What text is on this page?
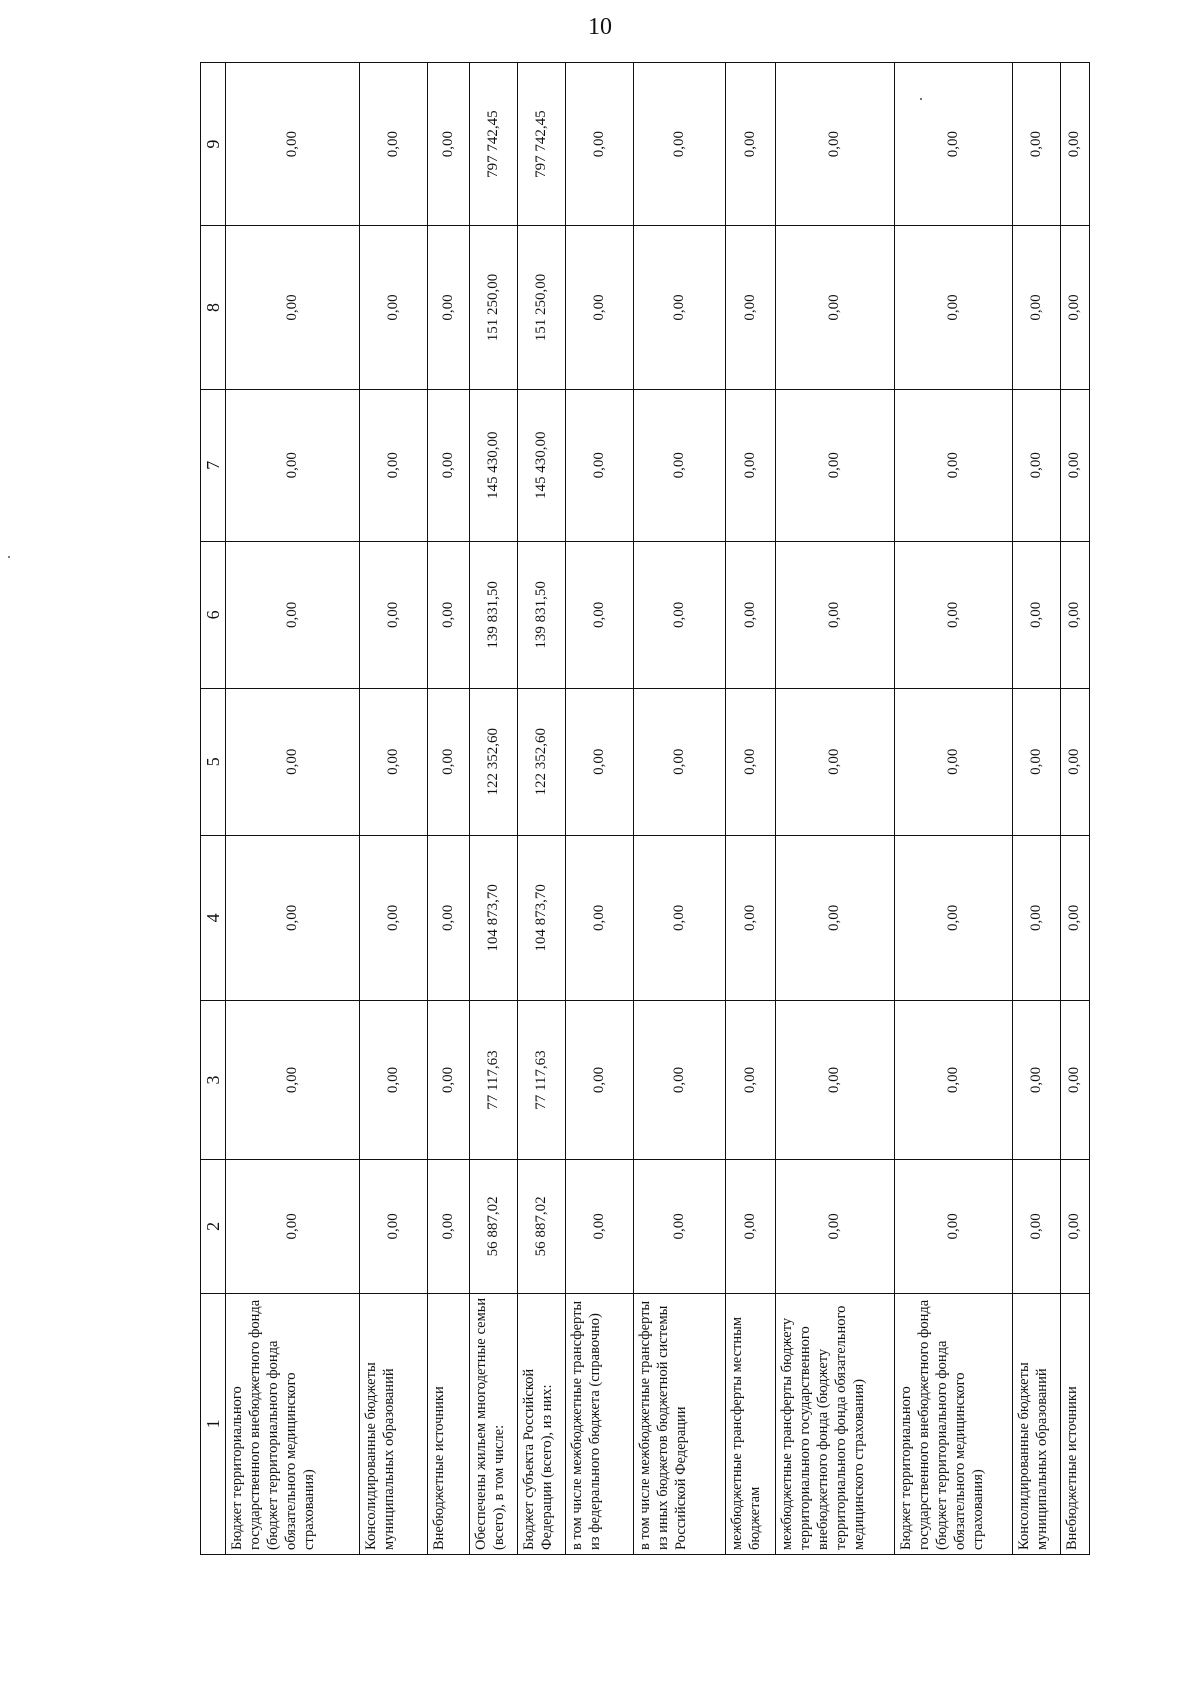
10
1	2	3	4	5	6	7	8	9
Бюджет территориального государственного внебюджетного фонда (бюджет территориального фонда обязательного медицинского страхования)	0,00	0,00	0,00	0,00	0,00	0,00	0,00	0,00
Консолидированные бюджеты муниципальных образований	0,00	0,00	0,00	0,00	0,00	0,00	0,00	0,00
Внебюджетные источники	0,00	0,00	0,00	0,00	0,00	0,00	0,00	0,00
Обеспечены жильем многодетные семьи (всего), в том числе:	56 887,02	77 117,63	104 873,70	122 352,60	139 831,50	145 430,00	151 250,00	797 742,45
Бюджет субъекта Российской Федерации (всего), из них:	56 887,02	77 117,63	104 873,70	122 352,60	139 831,50	145 430,00	151 250,00	797 742,45
в том числе межбюджетные трансферты из федерального бюджета (справочно)	0,00	0,00	0,00	0,00	0,00	0,00	0,00	0,00
в том числе межбюджетные трансферты из иных бюджетов бюджетной системы Российской Федерации	0,00	0,00	0,00	0,00	0,00	0,00	0,00	0,00
межбюджетные трансферты местным бюджетам	0,00	0,00	0,00	0,00	0,00	0,00	0,00	0,00
межбюджетные трансферты бюджету территориального государственного внебюджетного фонда (бюджету территориального фонда обязательного медицинского страхования)	0,00	0,00	0,00	0,00	0,00	0,00	0,00	0,00
Бюджет территориального государственного внебюджетного фонда (бюджет территориального фонда обязательного медицинского страхования)	0,00	0,00	0,00	0,00	0,00	0,00	0,00	0,00
Консолидированные бюджеты муниципальных образований	0,00	0,00	0,00	0,00	0,00	0,00	0,00	0,00
Внебюджетные источники	0,00	0,00	0,00	0,00	0,00	0,00	0,00	0,00
